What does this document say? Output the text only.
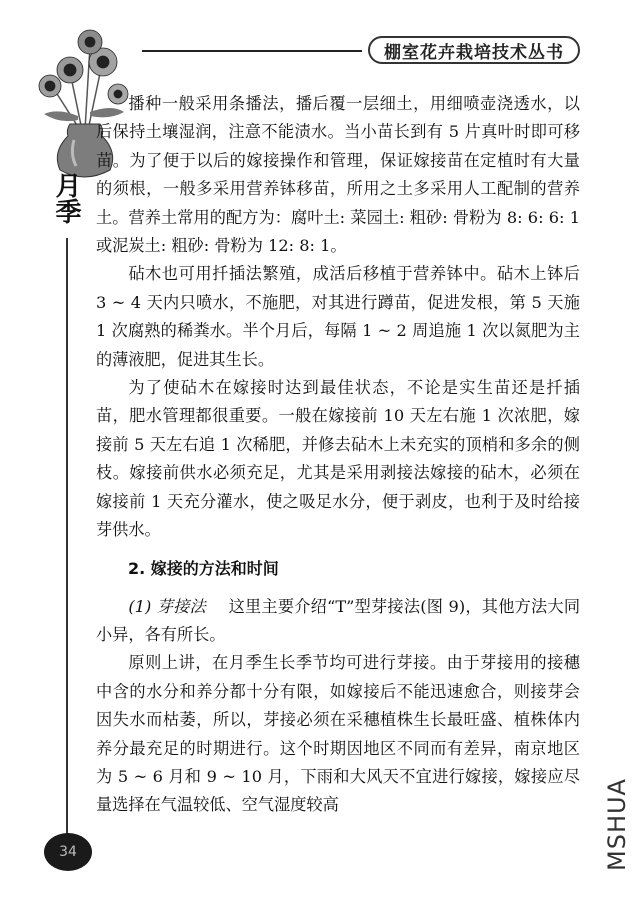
棚室花卉栽培技术丛书
月季

播种一般采用条播法，播后覆一层细土，用细喷壶浇透水，以后保持土壤湿润，注意不能渍水。当小苗长到有 5 片真叶时即可移苗。为了便于以后的嫁接操作和管理，保证嫁接苗在定植时有大量的须根，一般多采用营养钵移苗，所用之土多采用人工配制的营养土。营养土常用的配方为：腐叶土: 菜园土: 粗砂: 骨粉为 8: 6: 6: 1 或泥炭土: 粗砂: 骨粉为 12: 8: 1。

砧木也可用扦插法繁殖，成活后移植于营养钵中。砧木上钵后 3 ~ 4 天内只喷水，不施肥，对其进行蹲苗，促进发根，第 5 天施 1 次腐熟的稀粪水。半个月后，每隔 1 ~ 2 周追施 1 次以氮肥为主的薄液肥，促进其生长。

为了使砧木在嫁接时达到最佳状态，不论是实生苗还是扦插苗，肥水管理都很重要。一般在嫁接前 10 天左右施 1 次浓肥，嫁接前 5 天左右追 1 次稀肥，并修去砧木上未充实的顶梢和多余的侧枝。嫁接前供水必须充足，尤其是采用剥接法嫁接的砧木，必须在嫁接前 1 天充分灌水，使之吸足水分，便于剥皮，也利于及时给接芽供水。

2. 嫁接的方法和时间

(1) 芽接法 这里主要介绍“T”型芽接法(图 9)，其他方法大同小异，各有所长。

原则上讲，在月季生长季节均可进行芽接。由于芽接用的接穗中含的水分和养分都十分有限，如嫁接后不能迅速愈合，则接芽会因失水而枯萎，所以，芽接必须在采穗植株生长最旺盛、植株体内养分最充足的时期进行。这个时期因地区不同而有差异，南京地区为 5 ~ 6 月和 9 ~ 10 月，下雨和大风天不宜进行嫁接，嫁接应尽量选择在气温较低、空气湿度较高

34	MSHUA
